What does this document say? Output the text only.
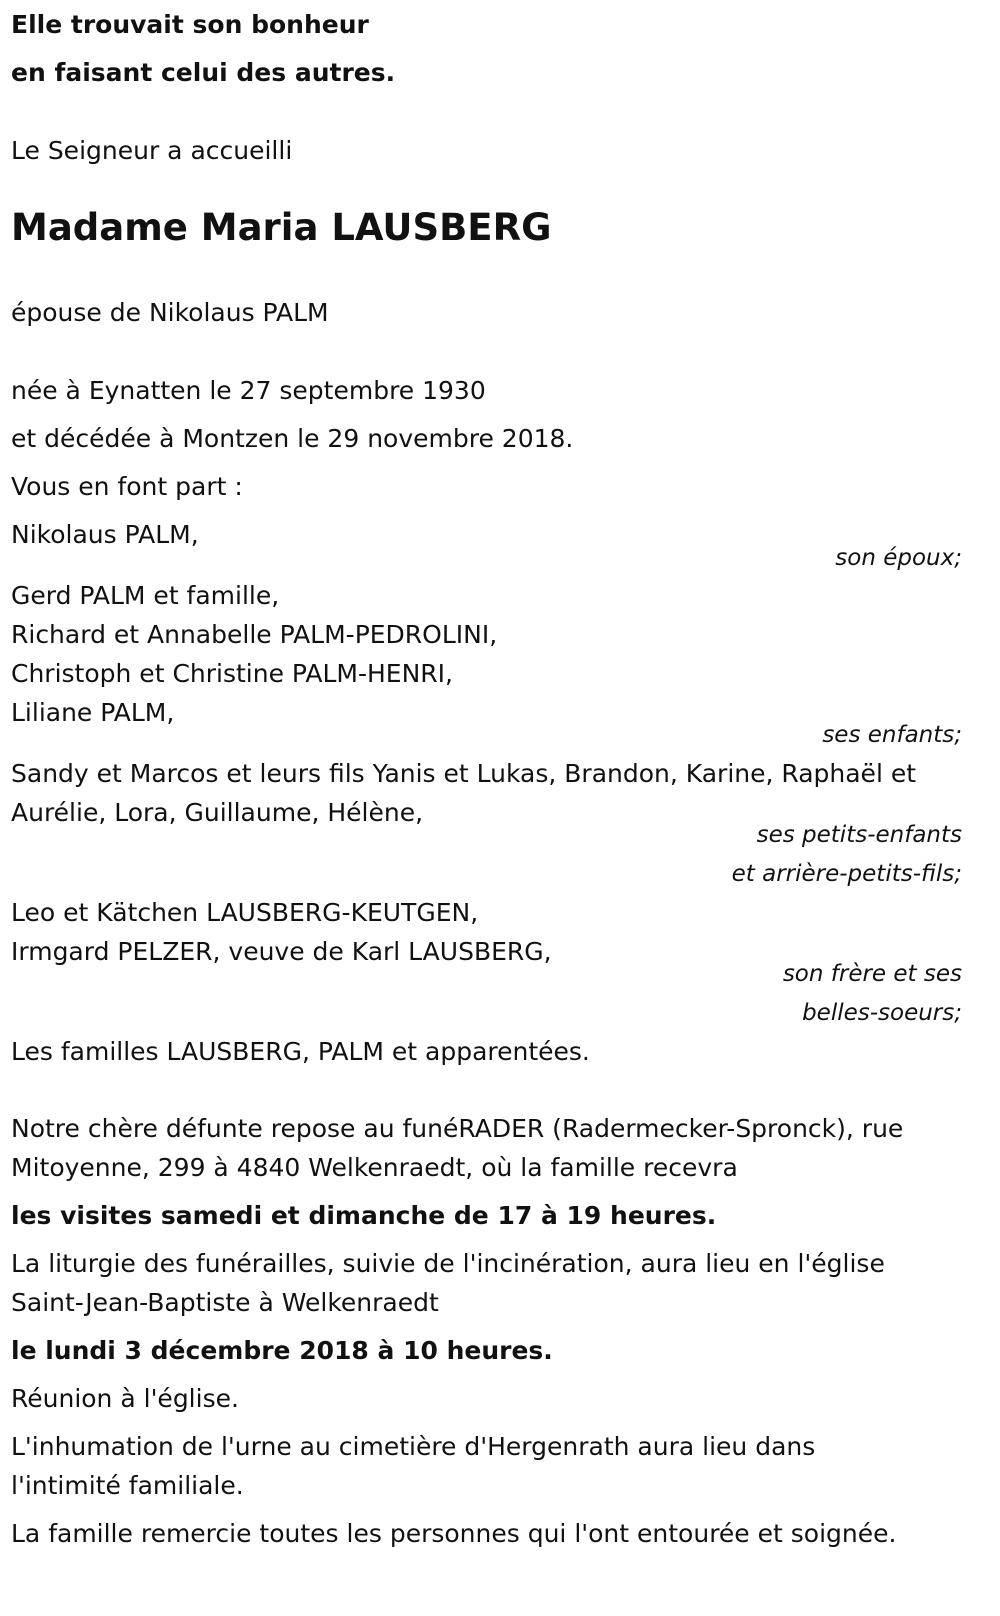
Elle trouvait son bonheur
en faisant celui des autres.
Le Seigneur a accueilli
Madame Maria LAUSBERG
épouse de Nikolaus PALM
née à Eynatten le 27 septembre 1930
et décédée à Montzen le 29 novembre 2018.
Vous en font part :
Nikolaus PALM,
son époux;
Gerd PALM et famille,
Richard et Annabelle PALM-PEDROLINI,
Christoph et Christine PALM-HENRI,
Liliane PALM,
ses enfants;
Sandy et Marcos et leurs fils Yanis et Lukas, Brandon, Karine, Raphaël et
Aurélie, Lora, Guillaume, Hélène,
ses petits-enfants
et arrière-petits-fils;
Leo et Kätchen LAUSBERG-KEUTGEN,
Irmgard PELZER, veuve de Karl LAUSBERG,
son frère et ses
belles-soeurs;
Les familles LAUSBERG, PALM et apparentées.
Notre chère défunte repose au funéRADER (Radermecker-Spronck), rue
Mitoyenne, 299 à 4840 Welkenraedt, où la famille recevra
les visites samedi et dimanche de 17 à 19 heures.
La liturgie des funérailles, suivie de l'incinération, aura lieu en l'église
Saint-Jean-Baptiste à Welkenraedt
le lundi 3 décembre 2018 à 10 heures.
Réunion à l'église.
L'inhumation de l'urne au cimetière d'Hergenrath aura lieu dans
l'intimité familiale.
La famille remercie toutes les personnes qui l'ont entourée et soignée.
